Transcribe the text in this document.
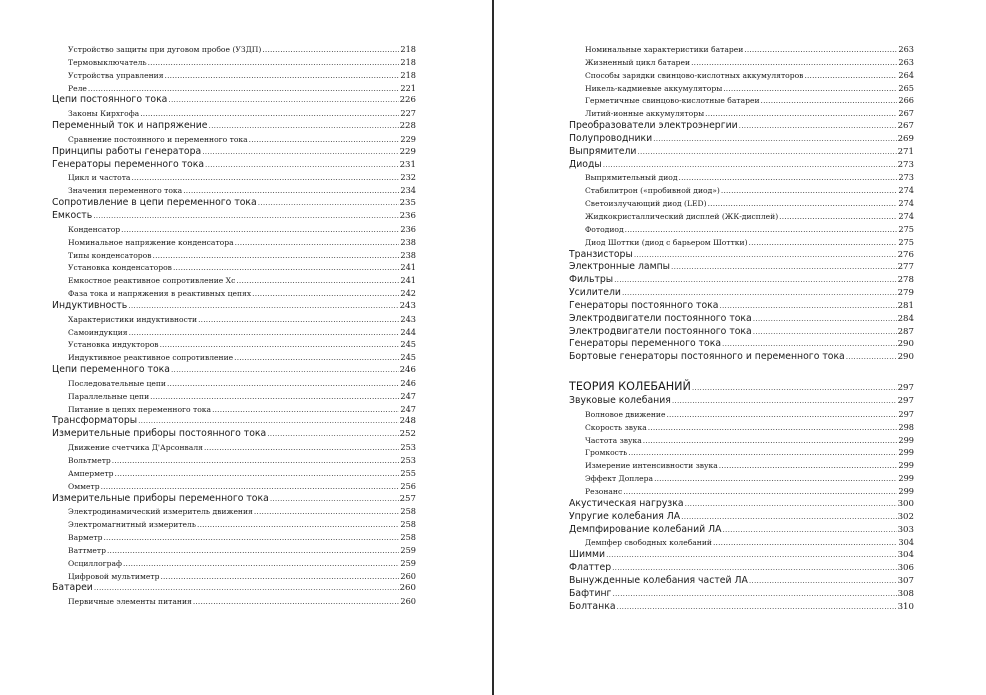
Устройство защиты при дуговом пробое (УЗДП) .....	218
Термовыключатель .....	218
Устройства управления .....	218
Реле .....	221
Цепи постоянного тока .....	226
Законы Кирхгофа .....	227
Переменный ток и напряжение .....	228
Сравнение постоянного и переменного тока .....	229
Принципы работы генератора .....	229
Генераторы переменного тока .....	231
Цикл и частота .....	232
Значения переменного тока .....	234
Сопротивление в цепи переменного тока .....	235
Емкость .....	236
Конденсатор .....	236
Номинальное напряжение конденсатора .....	238
Типы конденсаторов .....	238
Установка конденсаторов .....	241
Емкостное реактивное сопротивление Хс .....	241
Фаза тока и напряжения в реактивных цепях .....	242
Индуктивность .....	243
Характеристики индуктивности .....	243
Самоиндукция .....	244
Установка индукторов .....	245
Индуктивное реактивное сопротивление .....	245
Цепи переменного тока .....	246
Последовательные цепи .....	246
Параллельные цепи .....	247
Питание в цепях переменного тока .....	247
Трансформаторы .....	248
Измерительные приборы постоянного тока .....	252
Движение счетчика Д'Арсонваля .....	253
Вольтметр .....	253
Амперметр .....	255
Омметр .....	256
Измерительные приборы переменного тока .....	257
Электродинамический измеритель движения .....	258
Электромагнитный измеритель .....	258
Варметр .....	258
Ваттметр .....	259
Осциллограф .....	259
Цифровой мультиметр .....	260
Батареи .....	260
Первичные элементы питания .....	260
Номинальные характеристики батареи .....	263
Жизненный цикл батареи .....	263
Способы зарядки свинцово-кислотных аккумуляторов .....	264
Никель-кадмиевые аккумуляторы .....	265
Герметичные свинцово-кислотные батареи .....	266
Литий-ионные аккумуляторы .....	267
Преобразователи электроэнергии .....	267
Полупроводники .....	269
Выпрямители .....	271
Диоды .....	273
Выпрямительный диод .....	273
Стабилитрон («пробивной диод») .....	274
Светоизлучающий диод (LED) .....	274
Жидкокристаллический дисплей (ЖК-дисплей) .....	274
Фотодиод .....	275
Диод Шоттки (диод с барьером Шоттки) .....	275
Транзисторы .....	276
Электронные лампы .....	277
Фильтры .....	278
Усилители .....	279
Генераторы постоянного тока .....	281
Электродвигатели постоянного тока .....	284
Электродвигатели постоянного тока .....	287
Генераторы переменного тока .....	290
Бортовые генераторы постоянного и переменного тока .....	290
ТЕОРИЯ КОЛЕБАНИЙ .....	297
Звуковые колебания .....	297
Волновое движение .....	297
Скорость звука .....	298
Частота звука .....	299
Громкость .....	299
Измерение интенсивности звука .....	299
Эффект Доплера .....	299
Резонанс .....	299
Акустическая нагрузка .....	300
Упругие колебания ЛА .....	302
Демпфирование колебаний ЛА .....	303
Демпфер свободных колебаний .....	304
Шимми .....	304
Флаттер .....	306
Вынужденные колебания частей ЛА .....	307
Бафтинг .....	308
Болтанка .....	310
